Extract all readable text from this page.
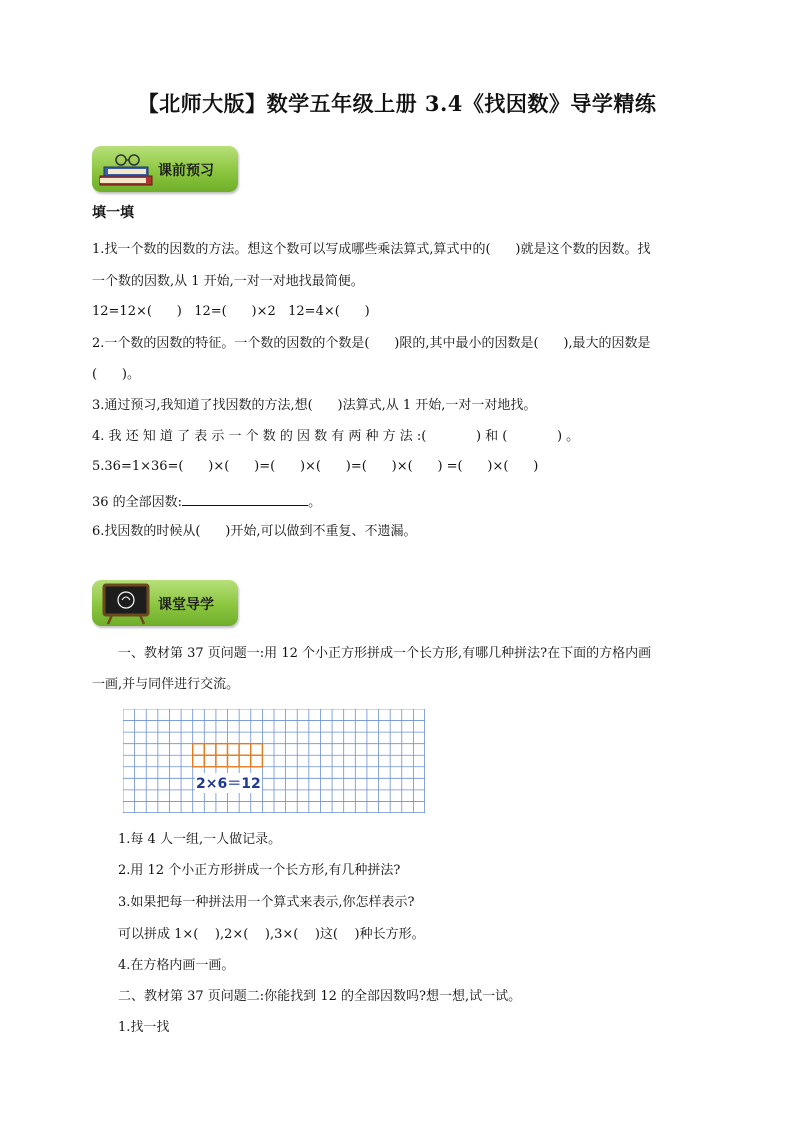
【北师大版】数学五年级上册 3.4《找因数》导学精练
课前预习
填一填
1.找一个数的因数的方法。想这个数可以写成哪些乘法算式,算式中的(      )就是这个数的因数。找
一个数的因数,从 1 开始,一对一对地找最简便。
12=12×(      )   12=(      )×2   12=4×(      )
2.一个数的因数的特征。一个数的因数的个数是(      )限的,其中最小的因数是(      ),最大的因数是
(      )。
3.通过预习,我知道了找因数的方法,想(      )法算式,从 1 开始,一对一对地找。
4. 我 还 知 道 了 表 示 一 个 数 的 因 数 有 两 种 方 法 :(            ) 和 (            ) 。
5.36=1×36=(      )×(      )=(      )×(      )=(      )×(      ) =(      )×(      )
36 的全部因数:	。
6.找因数的时候从(      )开始,可以做到不重复、不遗漏。
课堂导学
一、教材第 37 页问题一:用 12 个小正方形拼成一个长方形,有哪几种拼法?在下面的方格内画
一画,并与同伴进行交流。
2×6＝12
1.每 4 人一组,一人做记录。
2.用 12 个小正方形拼成一个长方形,有几种拼法?
3.如果把每一种拼法用一个算式来表示,你怎样表示?
可以拼成 1×(    ),2×(    ),3×(    )这(    )种长方形。
4.在方格内画一画。
二、教材第 37 页问题二:你能找到 12 的全部因数吗?想一想,试一试。
1.找一找
